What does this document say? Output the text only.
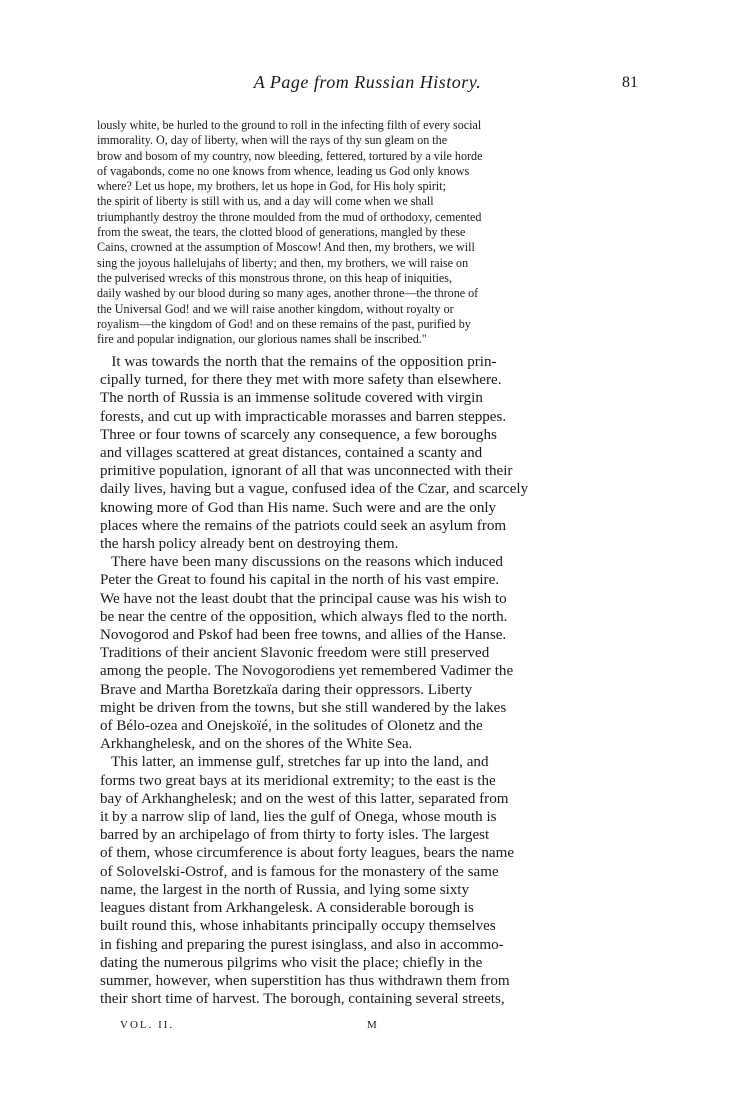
A Page from Russian History.	81

lously white, be hurled to the ground to roll in the infecting filth of every social
immorality. O, day of liberty, when will the rays of thy sun gleam on the
brow and bosom of my country, now bleeding, fettered, tortured by a vile horde
of vagabonds, come no one knows from whence, leading us God only knows
where? Let us hope, my brothers, let us hope in God, for His holy spirit;
the spirit of liberty is still with us, and a day will come when we shall
triumphantly destroy the throne moulded from the mud of orthodoxy, cemented
from the sweat, the tears, the clotted blood of generations, mangled by these
Cains, crowned at the assumption of Moscow! And then, my brothers, we will
sing the joyous hallelujahs of liberty; and then, my brothers, we will raise on
the pulverised wrecks of this monstrous throne, on this heap of iniquities,
daily washed by our blood during so many ages, another throne—the throne of
the Universal God! and we will raise another kingdom, without royalty or
royalism—the kingdom of God! and on these remains of the past, purified by
fire and popular indignation, our glorious names shall be inscribed."

It was towards the north that the remains of the opposition prin-
cipally turned, for there they met with more safety than elsewhere.
The north of Russia is an immense solitude covered with virgin
forests, and cut up with impracticable morasses and barren steppes.
Three or four towns of scarcely any consequence, a few boroughs
and villages scattered at great distances, contained a scanty and
primitive population, ignorant of all that was unconnected with their
daily lives, having but a vague, confused idea of the Czar, and scarcely
knowing more of God than His name. Such were and are the only
places where the remains of the patriots could seek an asylum from
the harsh policy already bent on destroying them.
There have been many discussions on the reasons which induced
Peter the Great to found his capital in the north of his vast empire.
We have not the least doubt that the principal cause was his wish to
be near the centre of the opposition, which always fled to the north.
Novogorod and Pskof had been free towns, and allies of the Hanse.
Traditions of their ancient Slavonic freedom were still preserved
among the people. The Novogorodiens yet remembered Vadimer the
Brave and Martha Boretzkaïa daring their oppressors. Liberty
might be driven from the towns, but she still wandered by the lakes
of Bélo-ozea and Onejskoïé, in the solitudes of Olonetz and the
Arkhanghelesk, and on the shores of the White Sea.
This latter, an immense gulf, stretches far up into the land, and
forms two great bays at its meridional extremity; to the east is the
bay of Arkhanghelesk; and on the west of this latter, separated from
it by a narrow slip of land, lies the gulf of Onega, whose mouth is
barred by an archipelago of from thirty to forty isles. The largest
of them, whose circumference is about forty leagues, bears the name
of Solovelski-Ostrof, and is famous for the monastery of the same
name, the largest in the north of Russia, and lying some sixty
leagues distant from Arkhangelesk. A considerable borough is
built round this, whose inhabitants principally occupy themselves
in fishing and preparing the purest isinglass, and also in accommo-
dating the numerous pilgrims who visit the place; chiefly in the
summer, however, when superstition has thus withdrawn them from
their short time of harvest. The borough, containing several streets,

VOL. II.	M
